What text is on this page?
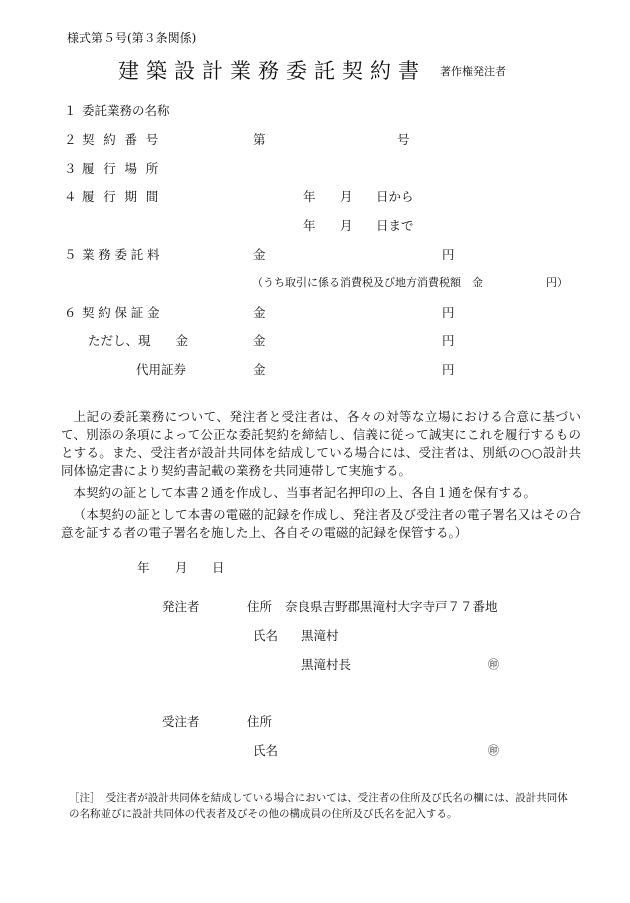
様式第５号(第３条関係)
建築設計業務委託契約書 著作権発注者
１ 委託業務の名称
２ 契約番号	第	号
３ 履行場所
４ 履行期間	年 月 日から
年 月 日まで
５ 業務委託料	金	円
（うち取引に係る消費税及び地方消費税額　金	円）
６ 契約保証金	金	円
ただし、現　　金	金	円
代用証券	金	円
上記の委託業務について、発注者と受注者は、各々の対等な立場における合意に基づいて、別添の条項によって公正な委託契約を締結し、信義に従って誠実にこれを履行するものとする。また、受注者が設計共同体を結成している場合には、受注者は、別紙の○○設計共同体協定書により契約書記載の業務を共同連帯して実施する。
本契約の証として本書２通を作成し、当事者記名押印の上、各自１通を保有する。
（本契約の証として本書の電磁的記録を作成し、発注者及び受注者の電子署名又はその合意を証する者の電子署名を施した上、各自その電磁的記録を保管する。）
年 月 日
発注者	住所 奈良県吉野郡黒滝村大字寺戸７７番地
氏名 黒滝村
黒滝村長	㊞
受注者	住所
氏名	㊞
［注］　受注者が設計共同体を結成している場合においては、受注者の住所及び氏名の欄には、設計共同体の名称並びに設計共同体の代表者及びその他の構成員の住所及び氏名を記入する。
